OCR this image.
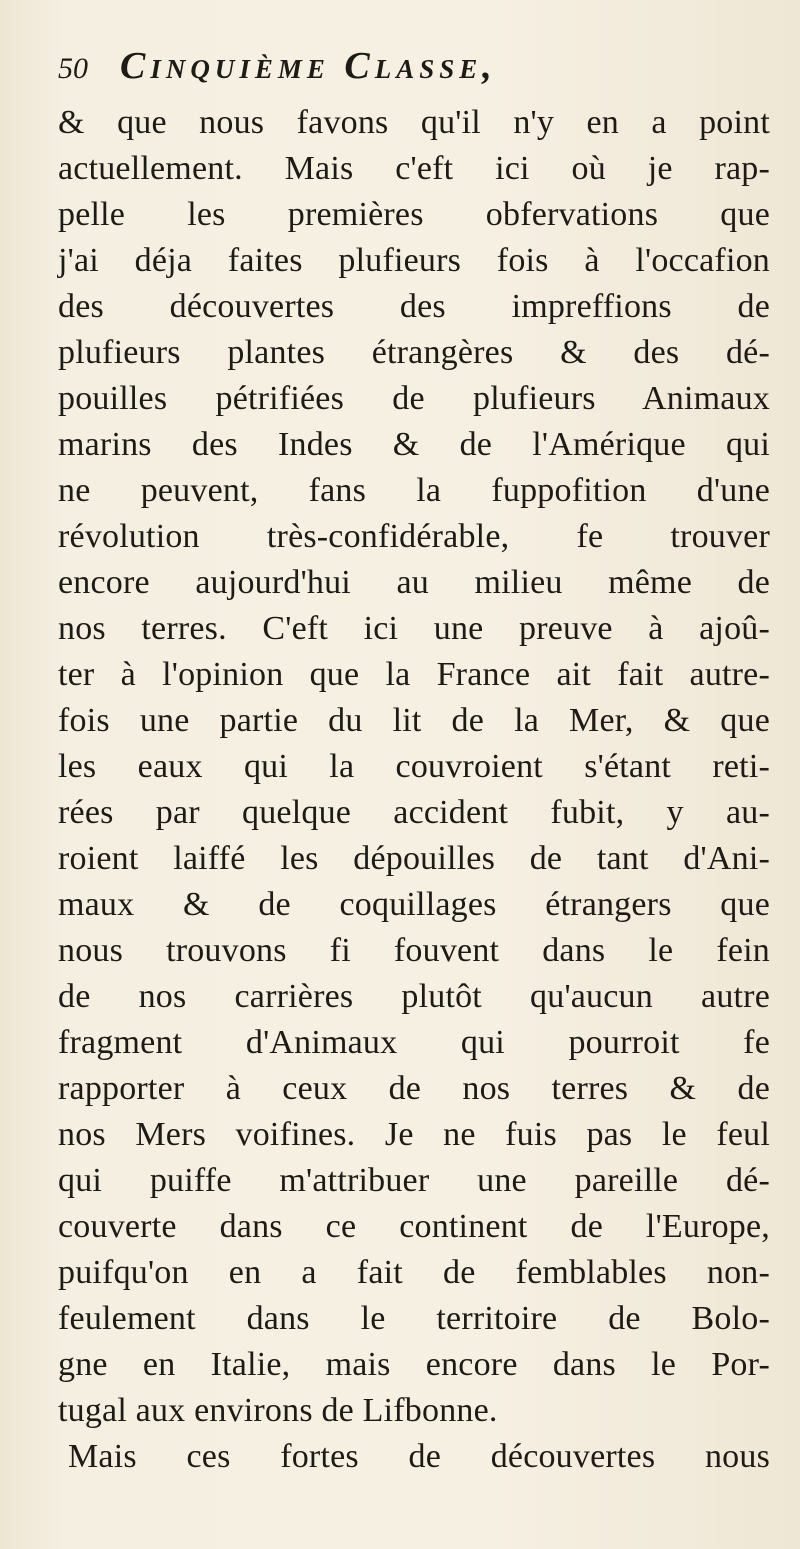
50 Cinquième Classe,
& que nous favons qu'il n'y en a point
actuellement. Mais c'eft ici où je rap-
pelle les premières obfervations que
j'ai déja faites plufieurs fois à l'occafion
des découvertes des impreffions de
plufieurs plantes étrangères & des dé-
pouilles pétrifiées de plufieurs Animaux
marins des Indes & de l'Amérique qui
ne peuvent, fans la fuppofition d'une
révolution très-confidérable, fe trouver
encore aujourd'hui au milieu même de
nos terres. C'eft ici une preuve à ajoû-
ter à l'opinion que la France ait fait autre-
fois une partie du lit de la Mer, & que
les eaux qui la couvroient s'étant reti-
rées par quelque accident fubit, y au-
roient laiffé les dépouilles de tant d'Ani-
maux & de coquillages étrangers que
nous trouvons fi fouvent dans le fein
de nos carrières plutôt qu'aucun autre
fragment d'Animaux qui pourroit fe
rapporter à ceux de nos terres & de
nos Mers voifines. Je ne fuis pas le feul
qui puiffe m'attribuer une pareille dé-
couverte dans ce continent de l'Europe,
puifqu'on en a fait de femblables non-
feulement dans le territoire de Bolo-
gne en Italie, mais encore dans le Por-
tugal aux environs de Lifbonne.
Mais ces fortes de découvertes nous
